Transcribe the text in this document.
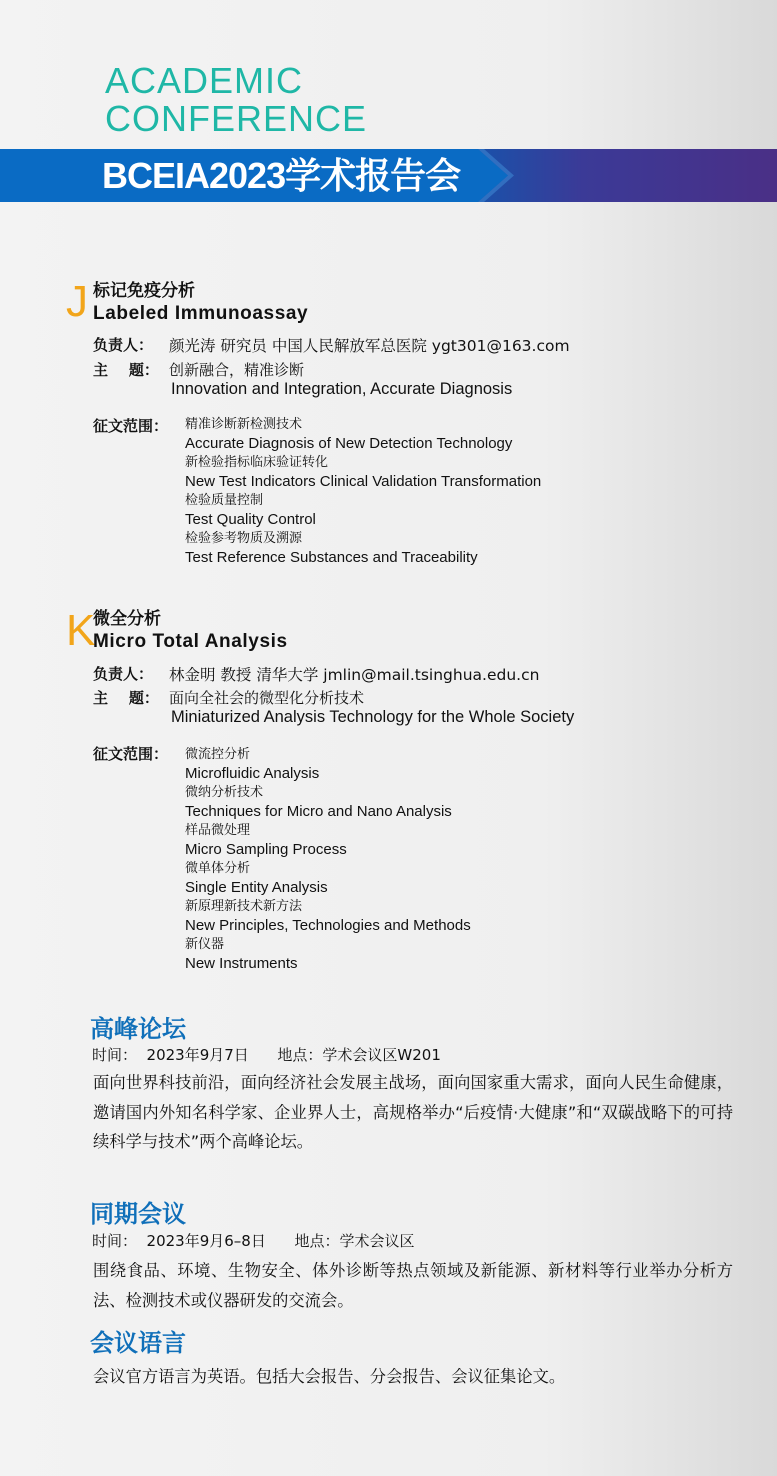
ACADEMIC
CONFERENCE
BCEIA2023学术报告会
J 标记免疫分析
Labeled Immunoassay
负责人： 颜光涛 研究员 中国人民解放军总医院 ygt301@163.com
主    题： 创新融合，精准诊断
Innovation and Integration, Accurate Diagnosis
征文范围： 精准诊断新检测技术
Accurate Diagnosis of New Detection Technology
新检验指标临床验证转化
New Test Indicators Clinical Validation Transformation
检验质量控制
Test Quality Control
检验参考物质及溯源
Test Reference Substances and Traceability
K
微全分析
Micro Total Analysis
负责人： 林金明 教授 清华大学 jmlin@mail.tsinghua.edu.cn
主    题： 面向全社会的微型化分析技术
Miniaturized Analysis Technology for the Whole Society
征文范围： 微流控分析
Microfluidic Analysis
微纳分析技术
Techniques for Micro and Nano Analysis
样品微处理
Micro Sampling Process
微单体分析
Single Entity Analysis
新原理新技术新方法
New Principles, Technologies and Methods
新仪器
New Instruments
高峰论坛
时间：  2023年9月7日      地点：学术会议区W201
面向世界科技前沿，面向经济社会发展主战场，面向国家重大需求，面向人民生命健康，邀请国内外知名科学家、企业界人士，高规格举办“后疫情·大健康”和“双碳战略下的可持续科学与技术”两个高峰论坛。
同期会议
时间：  2023年9月6–8日      地点：学术会议区
围绕食品、环境、生物安全、体外诊断等热点领域及新能源、新材料等行业举办分析方法、检测技术或仪器研发的交流会。
会议语言
会议官方语言为英语。包括大会报告、分会报告、会议征集论文。
